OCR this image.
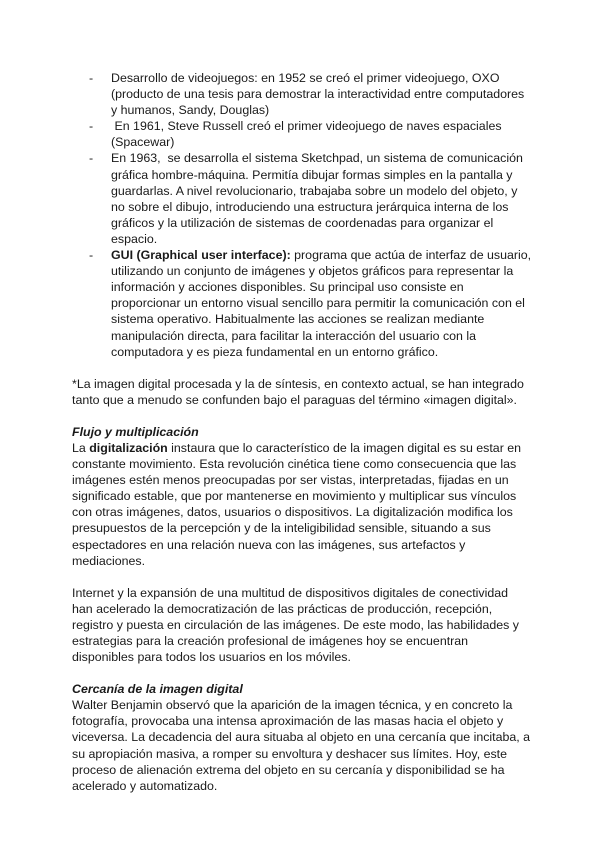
-	Desarrollo de videojuegos: en 1952 se creó el primer videojuego, OXO (producto de una tesis para demostrar la interactividad entre computadores y humanos, Sandy, Douglas)
-	En 1961, Steve Russell creó el primer videojuego de naves espaciales (Spacewar)
-	En 1963,  se desarrolla el sistema Sketchpad, un sistema de comunicación gráfica hombre-máquina. Permitía dibujar formas simples en la pantalla y guardarlas. A nivel revolucionario, trabajaba sobre un modelo del objeto, y no sobre el dibujo, introduciendo una estructura jerárquica interna de los gráficos y la utilización de sistemas de coordenadas para organizar el espacio.
-	GUI (Graphical user interface): programa que actúa de interfaz de usuario, utilizando un conjunto de imágenes y objetos gráficos para representar la información y acciones disponibles. Su principal uso consiste en proporcionar un entorno visual sencillo para permitir la comunicación con el sistema operativo. Habitualmente las acciones se realizan mediante manipulación directa, para facilitar la interacción del usuario con la computadora y es pieza fundamental en un entorno gráfico.

*La imagen digital procesada y la de síntesis, en contexto actual, se han integrado tanto que a menudo se confunden bajo el paraguas del término «imagen digital».

Flujo y multiplicación

La digitalización instaura que lo característico de la imagen digital es su estar en constante movimiento. Esta revolución cinética tiene como consecuencia que las imágenes estén menos preocupadas por ser vistas, interpretadas, fijadas en un significado estable, que por mantenerse en movimiento y multiplicar sus vínculos con otras imágenes, datos, usuarios o dispositivos. La digitalización modifica los presupuestos de la percepción y de la inteligibilidad sensible, situando a sus espectadores en una relación nueva con las imágenes, sus artefactos y mediaciones.

Internet y la expansión de una multitud de dispositivos digitales de conectividad han acelerado la democratización de las prácticas de producción, recepción, registro y puesta en circulación de las imágenes. De este modo, las habilidades y estrategias para la creación profesional de imágenes hoy se encuentran disponibles para todos los usuarios en los móviles.

Cercanía de la imagen digital

Walter Benjamin observó que la aparición de la imagen técnica, y en concreto la fotografía, provocaba una intensa aproximación de las masas hacia el objeto y viceversa. La decadencia del aura situaba al objeto en una cercanía que incitaba, a su apropiación masiva, a romper su envoltura y deshacer sus límites. Hoy, este proceso de alienación extrema del objeto en su cercanía y disponibilidad se ha acelerado y automatizado.
